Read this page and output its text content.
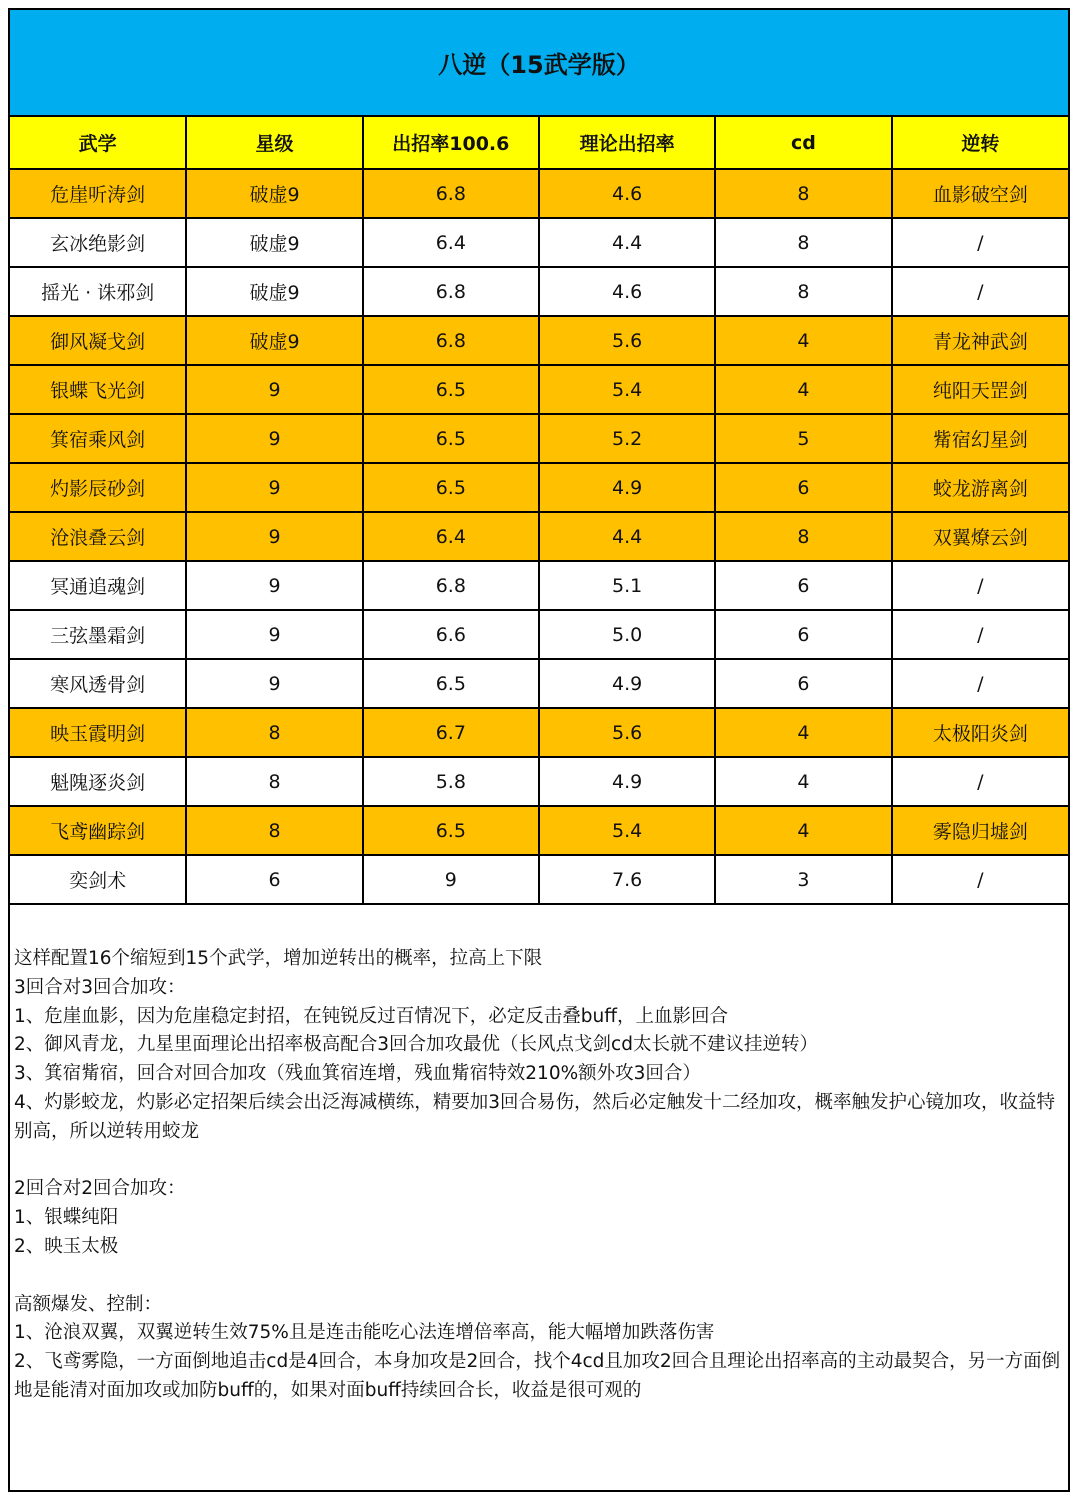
八逆（15武学版）
武学	星级	出招率100.6	理论出招率	cd	逆转
危崖听涛剑	破虚9	6.8	4.6	8	血影破空剑
玄冰绝影剑	破虚9	6.4	4.4	8	/
摇光 · 诛邪剑	破虚9	6.8	4.6	8	/
御风凝戈剑	破虚9	6.8	5.6	4	青龙神武剑
银蝶飞光剑	9	6.5	5.4	4	纯阳天罡剑
箕宿乘风剑	9	6.5	5.2	5	觜宿幻星剑
灼影辰砂剑	9	6.5	4.9	6	蛟龙游离剑
沧浪叠云剑	9	6.4	4.4	8	双翼燎云剑
冥通追魂剑	9	6.8	5.1	6	/
三弦墨霜剑	9	6.6	5.0	6	/
寒风透骨剑	9	6.5	4.9	6	/
映玉霞明剑	8	6.7	5.6	4	太极阳炎剑
魁隗逐炎剑	8	5.8	4.9	4	/
飞鸢幽踪剑	8	6.5	5.4	4	雾隐归墟剑
奕剑术	6	9	7.6	3	/

这样配置16个缩短到15个武学，增加逆转出的概率，拉高上下限

3回合对3回合加攻：

1、危崖血影，因为危崖稳定封招，在钝锐反过百情况下，必定反击叠buff，上血影回合

2、御风青龙，九星里面理论出招率极高配合3回合加攻最优（长风点戈剑cd太长就不建议挂逆转）

3、箕宿觜宿，回合对回合加攻（残血箕宿连增，残血觜宿特效210%额外攻3回合）

4、灼影蛟龙，灼影必定招架后续会出泛海减横练，精要加3回合易伤，然后必定触发十二经加攻，概率触发护心镜加攻，收益特别高，所以逆转用蛟龙

2回合对2回合加攻：

1、银蝶纯阳

2、映玉太极

高额爆发、控制：

1、沧浪双翼，双翼逆转生效75%且是连击能吃心法连增倍率高，能大幅增加跌落伤害

2、飞鸢雾隐，一方面倒地追击cd是4回合，本身加攻是2回合，找个4cd且加攻2回合且理论出招率高的主动最契合，另一方面倒地是能清对面加攻或加防buff的，如果对面buff持续回合长，收益是很可观的
